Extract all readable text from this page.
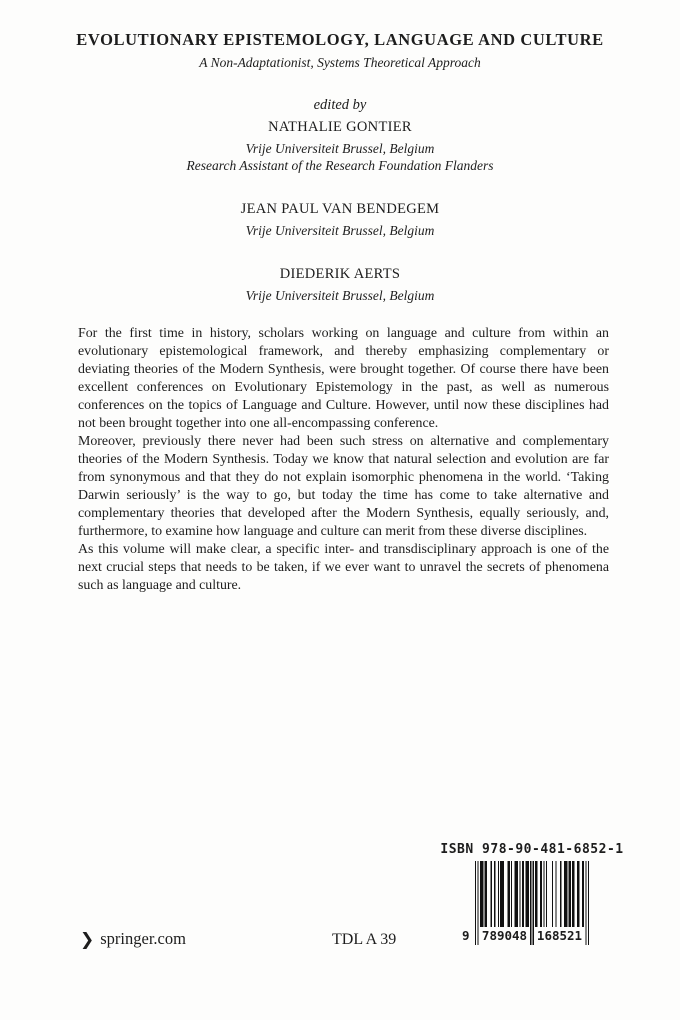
EVOLUTIONARY EPISTEMOLOGY, LANGUAGE AND CULTURE
A Non-Adaptationist, Systems Theoretical Approach
edited by
NATHALIE GONTIER
Vrije Universiteit Brussel, Belgium
Research Assistant of the Research Foundation Flanders
JEAN PAUL VAN BENDEGEM
Vrije Universiteit Brussel, Belgium
DIEDERIK AERTS
Vrije Universiteit Brussel, Belgium

For the first time in history, scholars working on language and culture from within an evolutionary epistemological framework, and thereby emphasizing complementary or deviating theories of the Modern Synthesis, were brought together. Of course there have been excellent conferences on Evolutionary Epistemology in the past, as well as numerous conferences on the topics of Language and Culture. However, until now these disciplines had not been brought together into one all-encompassing conference.

Moreover, previously there never had been such stress on alternative and complementary theories of the Modern Synthesis. Today we know that natural selection and evolution are far from synonymous and that they do not explain isomorphic phenomena in the world. ‘Taking Darwin seriously’ is the way to go, but today the time has come to take alternative and complementary theories that developed after the Modern Synthesis, equally seriously, and, furthermore, to examine how language and culture can merit from these diverse disciplines.

As this volume will make clear, a specific inter- and transdisciplinary approach is one of the next crucial steps that needs to be taken, if we ever want to unravel the secrets of phenomena such as language and culture.

ISBN 978-90-481-6852-1
9 789048 168521
❯ springer.com	TDL A 39
